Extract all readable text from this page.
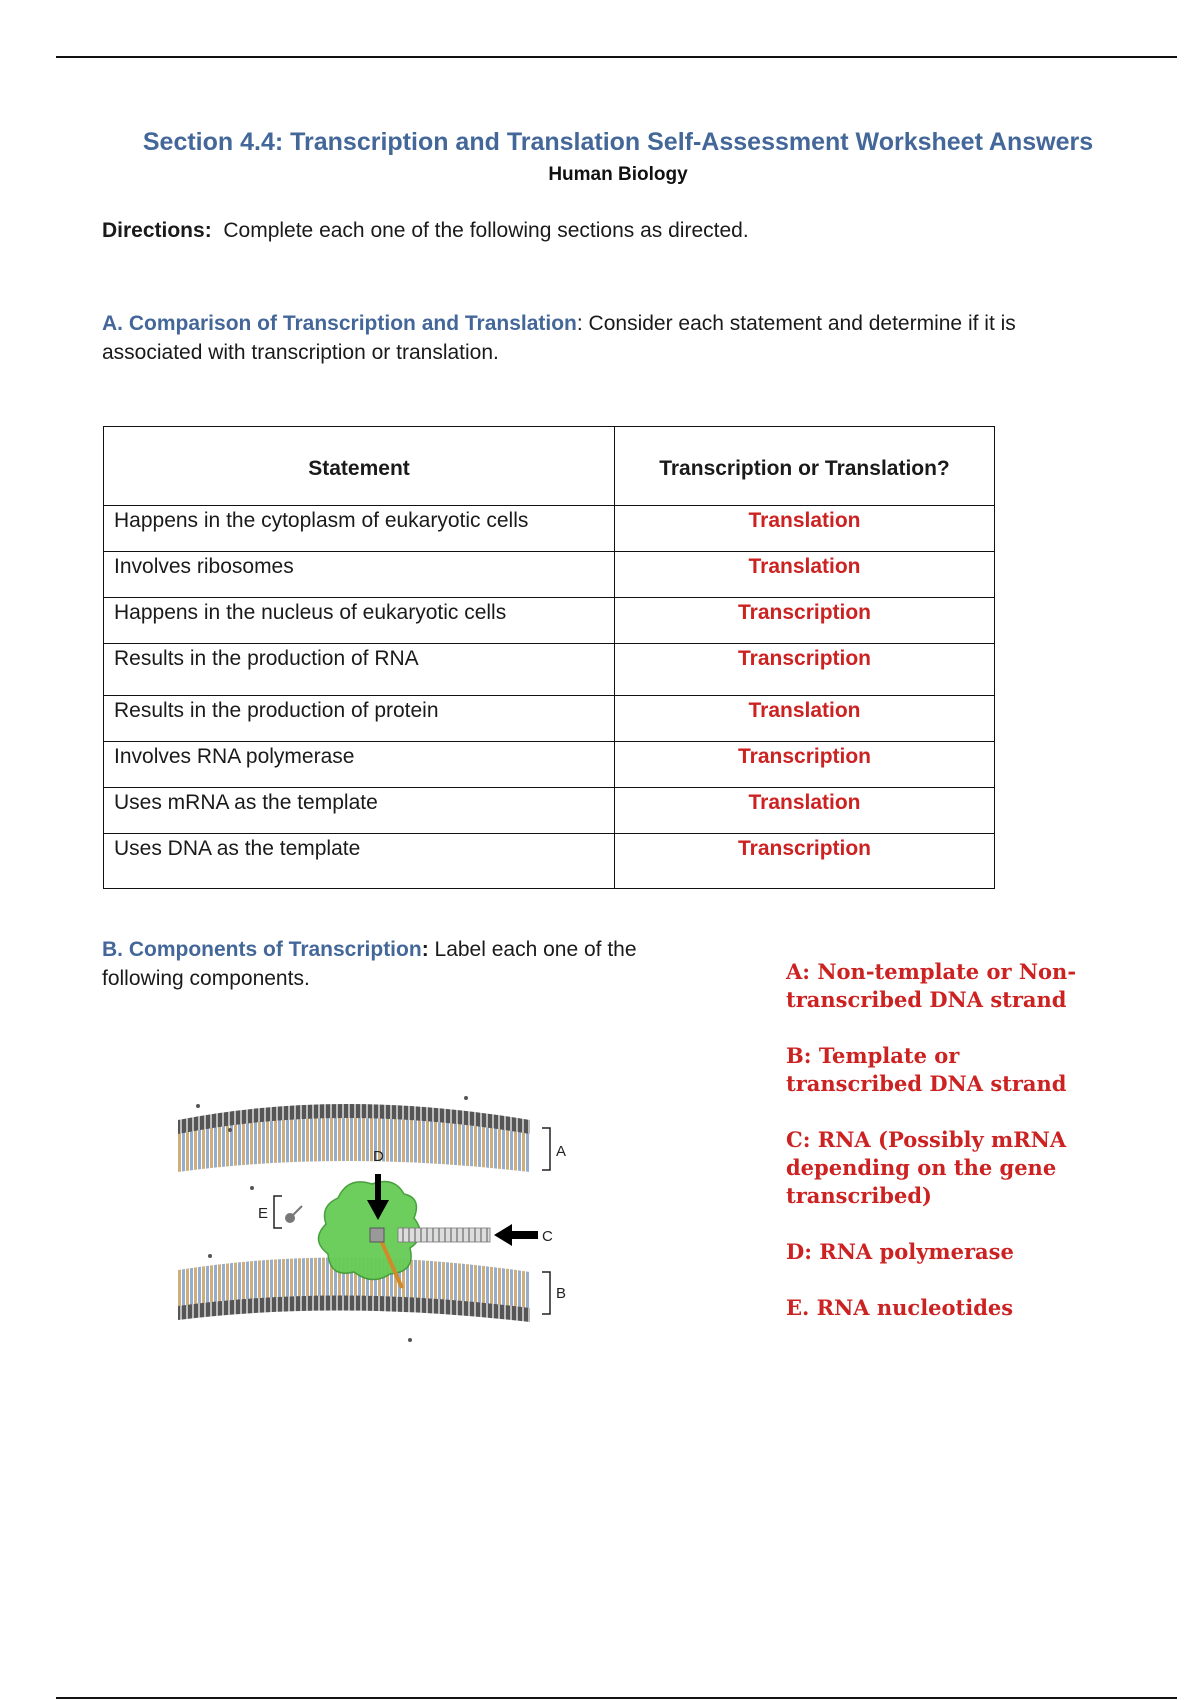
Section 4.4: Transcription and Translation Self-Assessment Worksheet Answers
Human Biology
Directions: Complete each one of the following sections as directed.
A. Comparison of Transcription and Translation: Consider each statement and determine if it is associated with transcription or translation.
Statement	Transcription or Translation?
Happens in the cytoplasm of eukaryotic cells	Translation
Involves ribosomes	Translation
Happens in the nucleus of eukaryotic cells	Transcription
Results in the production of RNA	Transcription
Results in the production of protein	Translation
Involves RNA polymerase	Transcription
Uses mRNA as the template	Translation
Uses DNA as the template	Transcription
B. Components of Transcription: Label each one of the following components.	A: Non-template or Non-transcribed DNA strand

B: Template or transcribed DNA strand

C: RNA (Possibly mRNA depending on the gene transcribed)

D: RNA polymerase

E. RNA nucleotides

A
B
C
D
E
